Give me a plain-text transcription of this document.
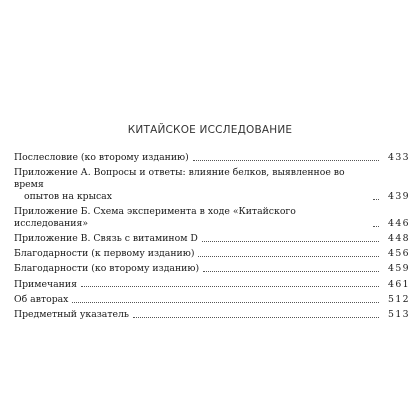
КИТАЙСКОЕ ИССЛЕДОВАНИЕ
Послесловие (ко второму изданию)	433
Приложение А. Вопросы и ответы: влияние белков, выявленное во время
опытов на крысах	439
Приложение Б. Схема эксперимента в ходе «Китайского исследования»	446
Приложение В. Связь с витамином D	448
Благодарности (к первому изданию)	456
Благодарности (ко второму изданию)	459
Примечания	461
Об авторах	512
Предметный указатель	513
